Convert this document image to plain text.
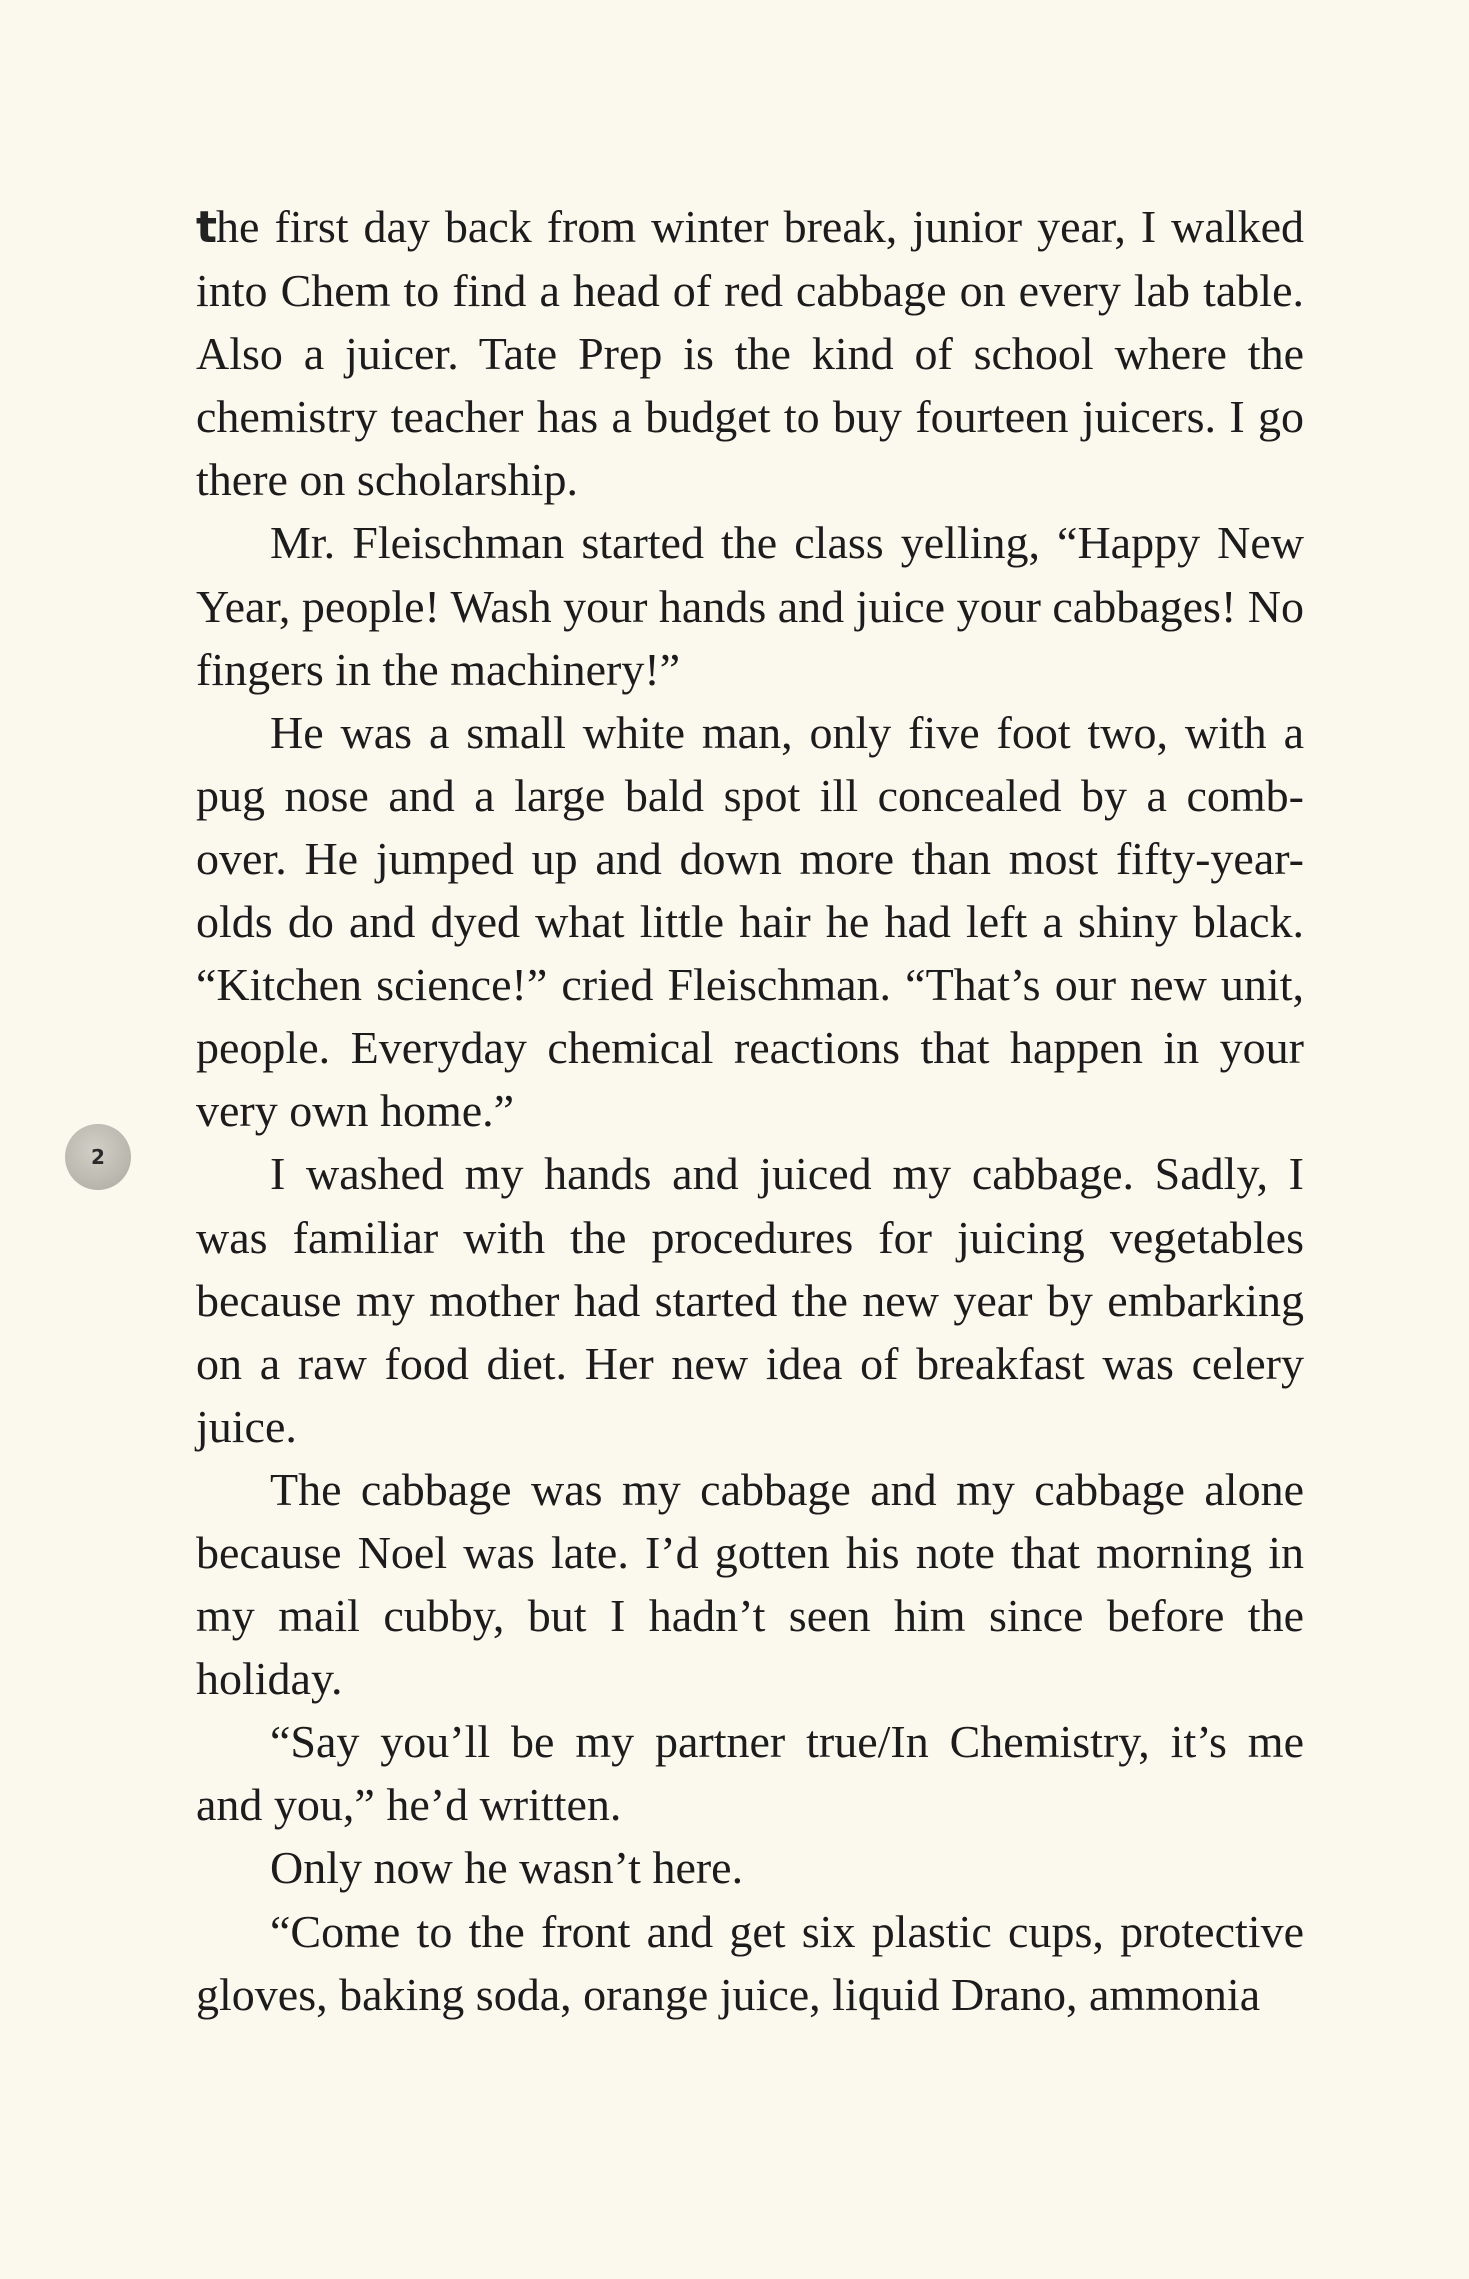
2

the first day back from winter break, junior year, I walked into Chem to find a head of red cabbage on every lab table. Also a juicer. Tate Prep is the kind of school where the chemistry teacher has a budget to buy fourteen juicers. I go there on scholarship.

Mr. Fleischman started the class yelling, “Happy New Year, people! Wash your hands and juice your cabbages! No fingers in the machinery!”

He was a small white man, only five foot two, with a pug nose and a large bald spot ill concealed by a comb-over. He jumped up and down more than most fifty-year-olds do and dyed what little hair he had left a shiny black. “Kitchen science!” cried Fleischman. “That’s our new unit, people. Everyday chemical reactions that happen in your very own home.”

I washed my hands and juiced my cabbage. Sadly, I was familiar with the procedures for juicing vegetables because my mother had started the new year by embarking on a raw food diet. Her new idea of breakfast was celery juice.

The cabbage was my cabbage and my cabbage alone because Noel was late. I’d gotten his note that morning in my mail cubby, but I hadn’t seen him since before the holiday.

“Say you’ll be my partner true/In Chemistry, it’s me and you,” he’d written.

Only now he wasn’t here.

“Come to the front and get six plastic cups, protective gloves, baking soda, orange juice, liquid Drano, ammonia
